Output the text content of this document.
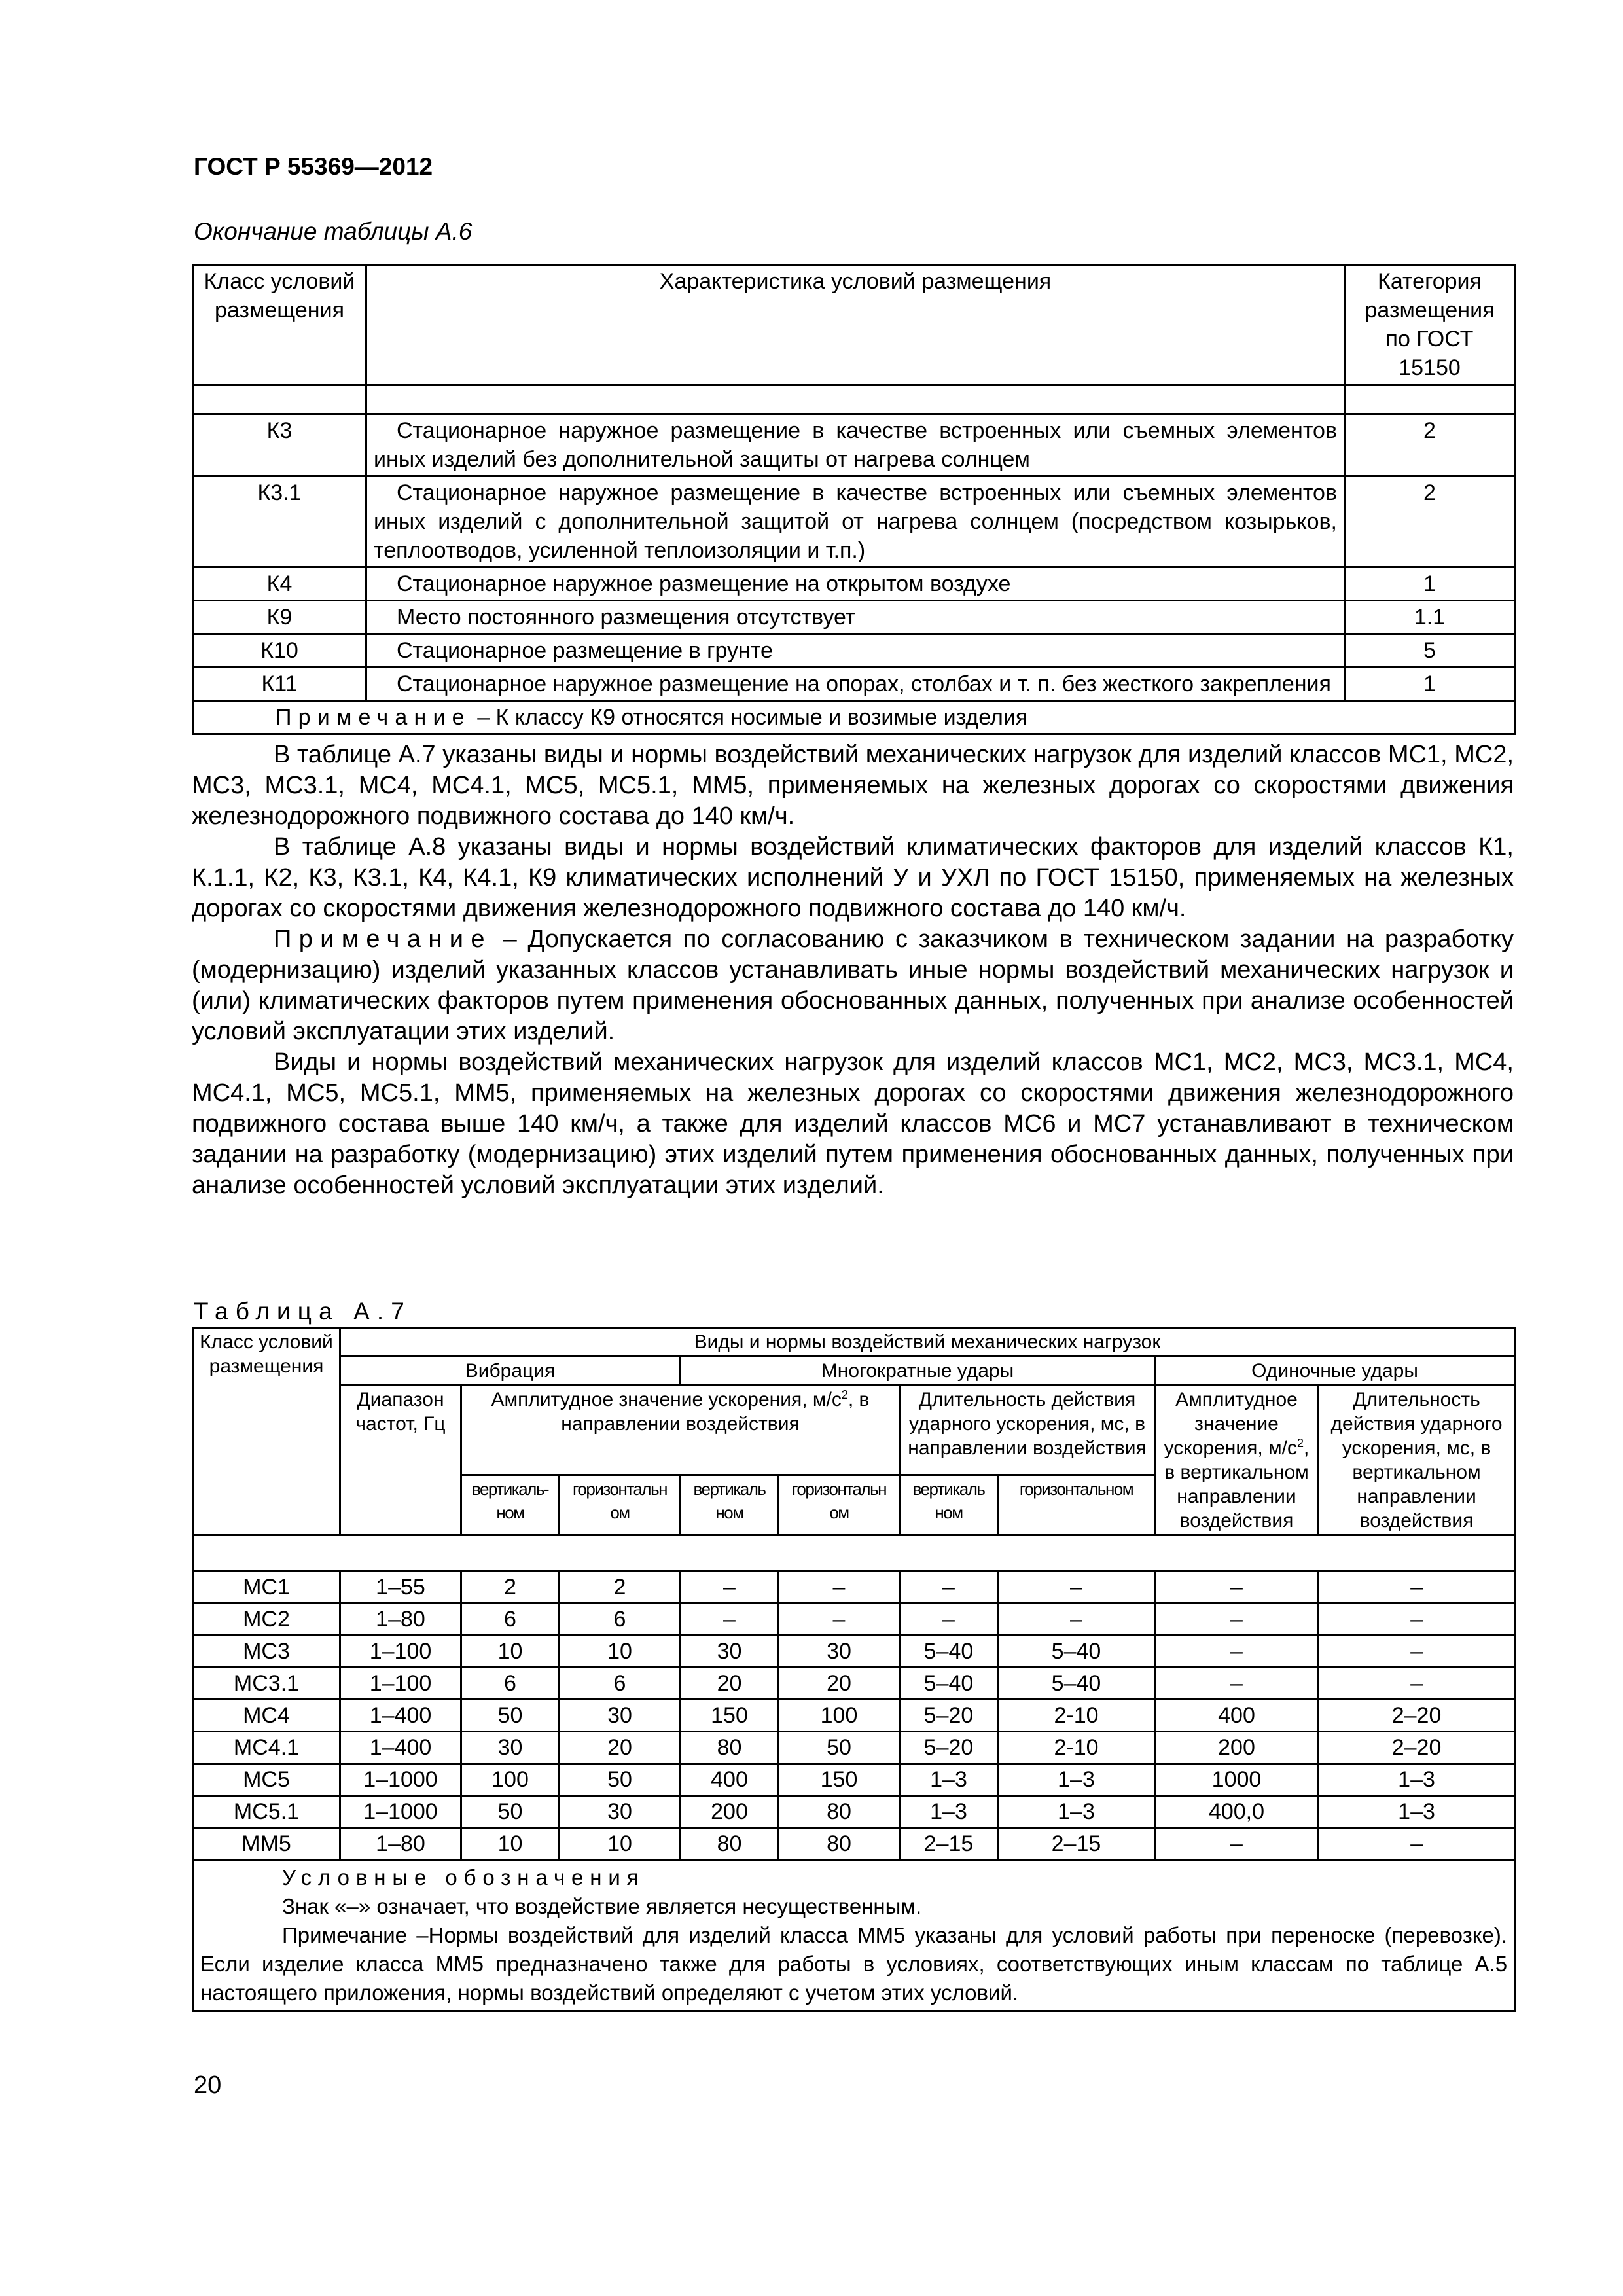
ГОСТ Р 55369—2012
Окончание таблицы А.6
Класс условий размещения	Характеристика условий размещения	Категория размещения по ГОСТ 15150

К3	Стационарное наружное размещение в качестве встроенных или съемных элементов иных изделий без дополнительной защиты от нагрева солнцем	2
К3.1	Стационарное наружное размещение в качестве встроенных или съемных элементов иных изделий с дополнительной защитой от нагрева солнцем (посредством козырьков, теплоотводов, усиленной теплоизоляции и т.п.)	2
К4	Стационарное наружное размещение на открытом воздухе	1
К9	Место постоянного размещения отсутствует	1.1
К10	Стационарное размещение в грунте	5
К11	Стационарное наружное размещение на опорах, столбах и т. п. без жесткого закрепления	1
Примечание – К классу К9 относятся носимые и возимые изделия		

В таблице А.7 указаны виды и нормы воздействий механических нагрузок для изделий классов МС1, МС2, МС3, МС3.1, МС4, МС4.1, МС5, МС5.1, ММ5, применяемых на железных дорогах со скоростями движения железнодорожного подвижного состава до 140 км/ч.

В таблице А.8 указаны виды и нормы воздействий климатических факторов для изделий классов К1, К.1.1, К2, К3, К3.1, К4, К4.1, К9 климатических исполнений У и УХЛ по ГОСТ 15150, применяемых на железных дорогах со скоростями движения железнодорожного подвижного состава до 140 км/ч.

Примечание – Допускается по согласованию с заказчиком в техническом задании на разработку (модернизацию) изделий указанных классов устанавливать иные нормы воздействий механических нагрузок и (или) климатических факторов путем применения обоснованных данных, полученных при анализе особенностей условий эксплуатации этих изделий.

Виды и нормы воздействий механических нагрузок для изделий классов МС1, МС2, МС3, МС3.1, МС4, МС4.1, МС5, МС5.1, ММ5, применяемых на железных дорогах со скоростями движения железнодорожного подвижного состава выше 140 км/ч, а также для изделий классов МС6 и МС7 устанавливают в техническом задании на разработку (модернизацию) этих изделий путем применения обоснованных данных, полученных при анализе особенностей условий эксплуатации этих изделий.

Таблица А.7
Класс условий размещения	Виды и нормы воздействий механических нагрузок								
	Вибрация			Многократные удары				Одиночные удары	
	Диапазон частот, Гц	Амплитудное значение ускорения, $м/с^2$, в направлении воздействия				Длительность действия ударного ускорения, мс, в направлении воздействия		Амплитудное значение ускорения, $м/с^2$, в вертикальном направлении воздействия	Длительность действия ударного ускорения, мс, в вертикальном направлении воздействия
		вертикаль- ном	горизонтальн ом	вертикаль ном	горизонтальн ом	вертикаль ном	горизонтальном		

МС1	1–55	2	2	–	–	–	–	–	–
МС2	1–80	6	6	–	–	–	–	–	–
МС3	1–100	10	10	30	30	5–40	5–40	–	–
МС3.1	1–100	6	6	20	20	5–40	5–40	–	–
МС4	1–400	50	30	150	100	5–20	2-10	400	2–20
МС4.1	1–400	30	20	80	50	5–20	2-10	200	2–20
МС5	1–1000	100	50	400	150	1–3	1–3	1000	1–3
МС5.1	1–1000	50	30	200	80	1–3	1–3	400,0	1–3
ММ5	1–80	10	10	80	80	2–15	2–15	–	–

Условные обозначения

Знак «–» означает, что воздействие является несущественным.

Примечание –Нормы воздействий для изделий класса ММ5 указаны для условий работы при переноске (перевозке). Если изделие класса ММ5 предназначено также для работы в условиях, соответствующих иным классам по таблице А.5 настоящего приложения, нормы воздействий определяют с учетом этих условий.									

20
